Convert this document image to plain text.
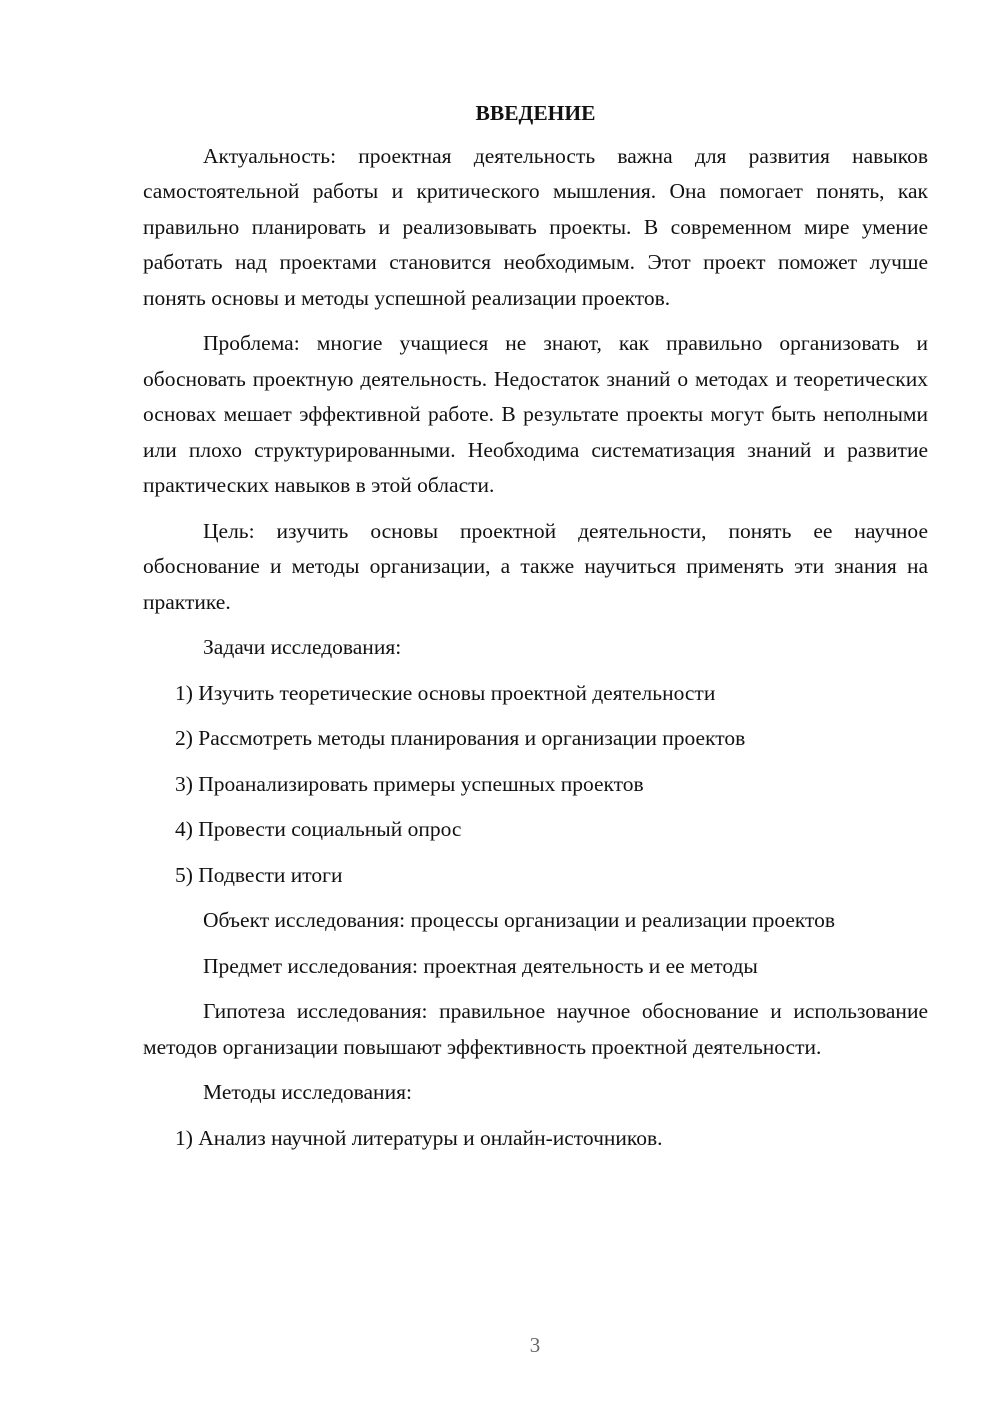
ВВЕДЕНИЕ

Актуальность: проектная деятельность важна для развития навыков самостоятельной работы и критического мышления. Она помогает понять, как правильно планировать и реализовывать проекты. В современном мире умение работать над проектами становится необходимым. Этот проект поможет лучше понять основы и методы успешной реализации проектов.

Проблема: многие учащиеся не знают, как правильно организовать и обосновать проектную деятельность. Недостаток знаний о методах и теоретических основах мешает эффективной работе. В результате проекты могут быть неполными или плохо структурированными. Необходима систематизация знаний и развитие практических навыков в этой области.

Цель: изучить основы проектной деятельности, понять ее научное обоснование и методы организации, а также научиться применять эти знания на практике.

Задачи исследования:

1) Изучить теоретические основы проектной деятельности

2) Рассмотреть методы планирования и организации проектов

3) Проанализировать примеры успешных проектов

4) Провести социальный опрос

5) Подвести итоги

Объект исследования: процессы организации и реализации проектов

Предмет исследования: проектная деятельность и ее методы

Гипотеза исследования: правильное научное обоснование и использование методов организации повышают эффективность проектной деятельности.

Методы исследования:

1) Анализ научной литературы и онлайн-источников.

3
